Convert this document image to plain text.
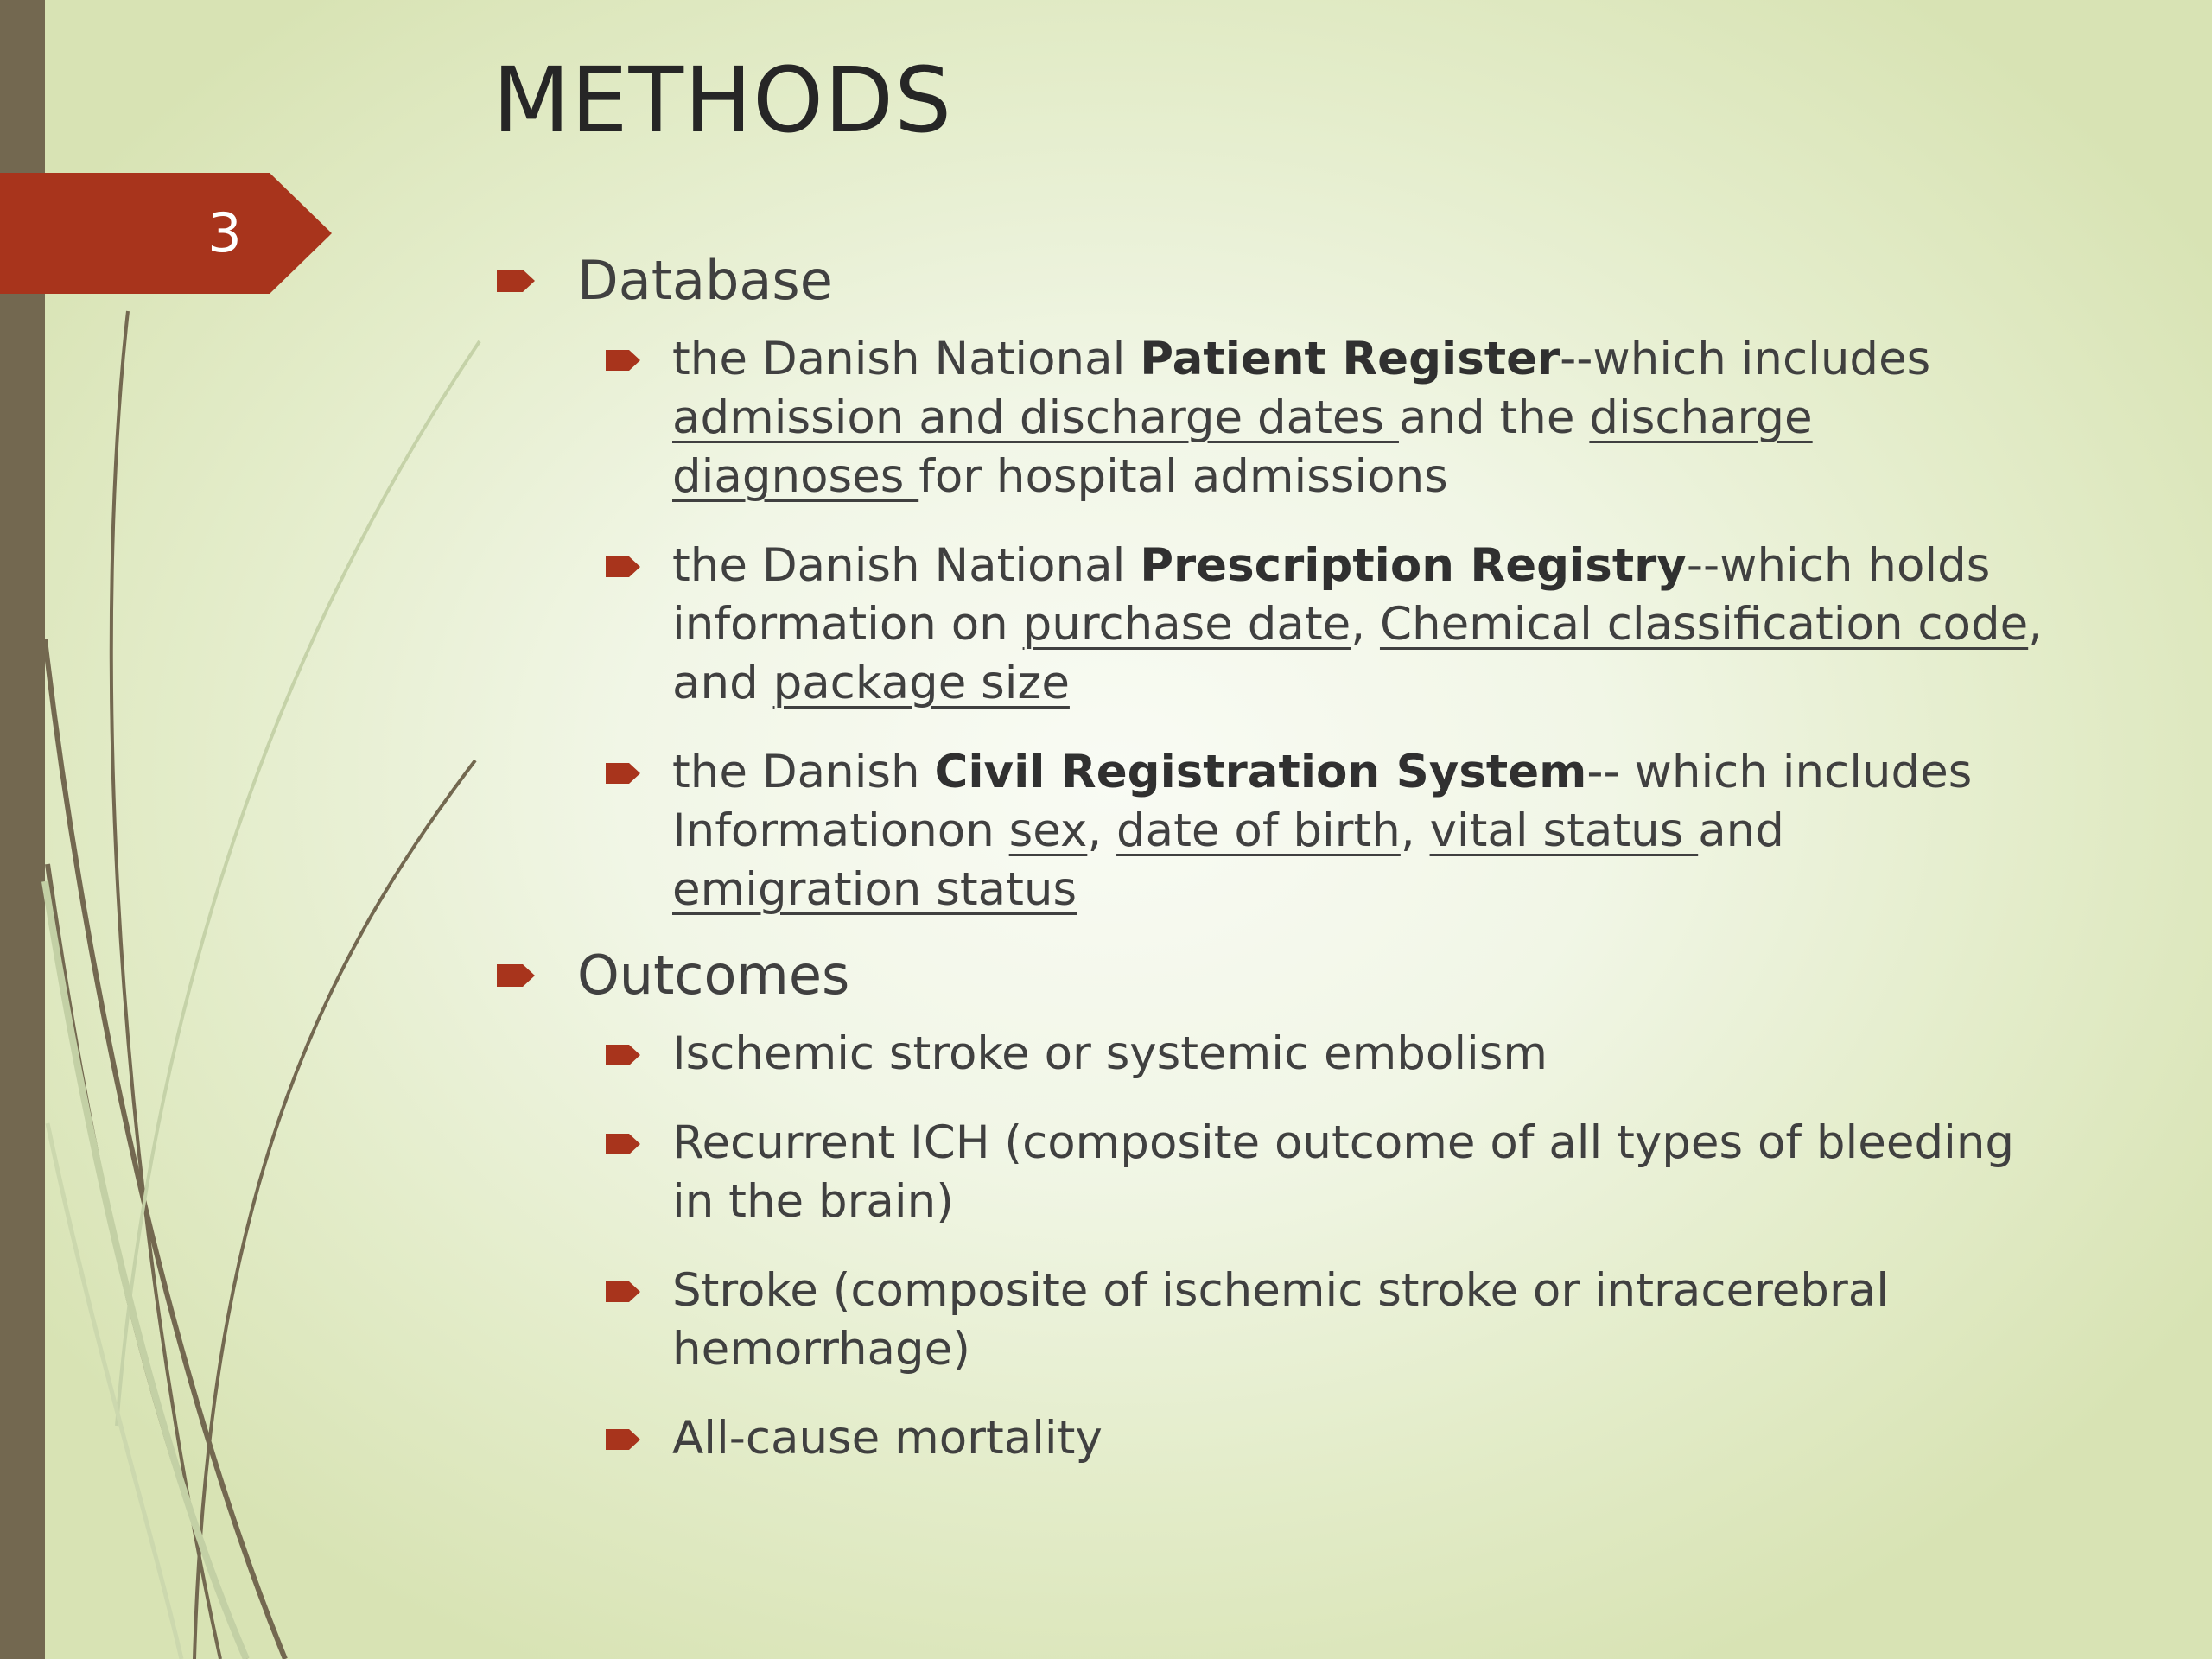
3
METHODS
Database
the Danish National Patient Register--which includes admission and discharge dates and the discharge diagnoses for hospital admissions
the Danish National Prescription Registry--which holds information on purchase date, Chemical classification code, and package size
the Danish Civil Registration System-- which includes Informationon sex, date of birth, vital status and emigration status
Outcomes
Ischemic stroke or systemic embolism
Recurrent ICH (composite outcome of all types of bleeding in the brain)
Stroke (composite of ischemic stroke or intracerebral hemorrhage)
All-cause mortality
